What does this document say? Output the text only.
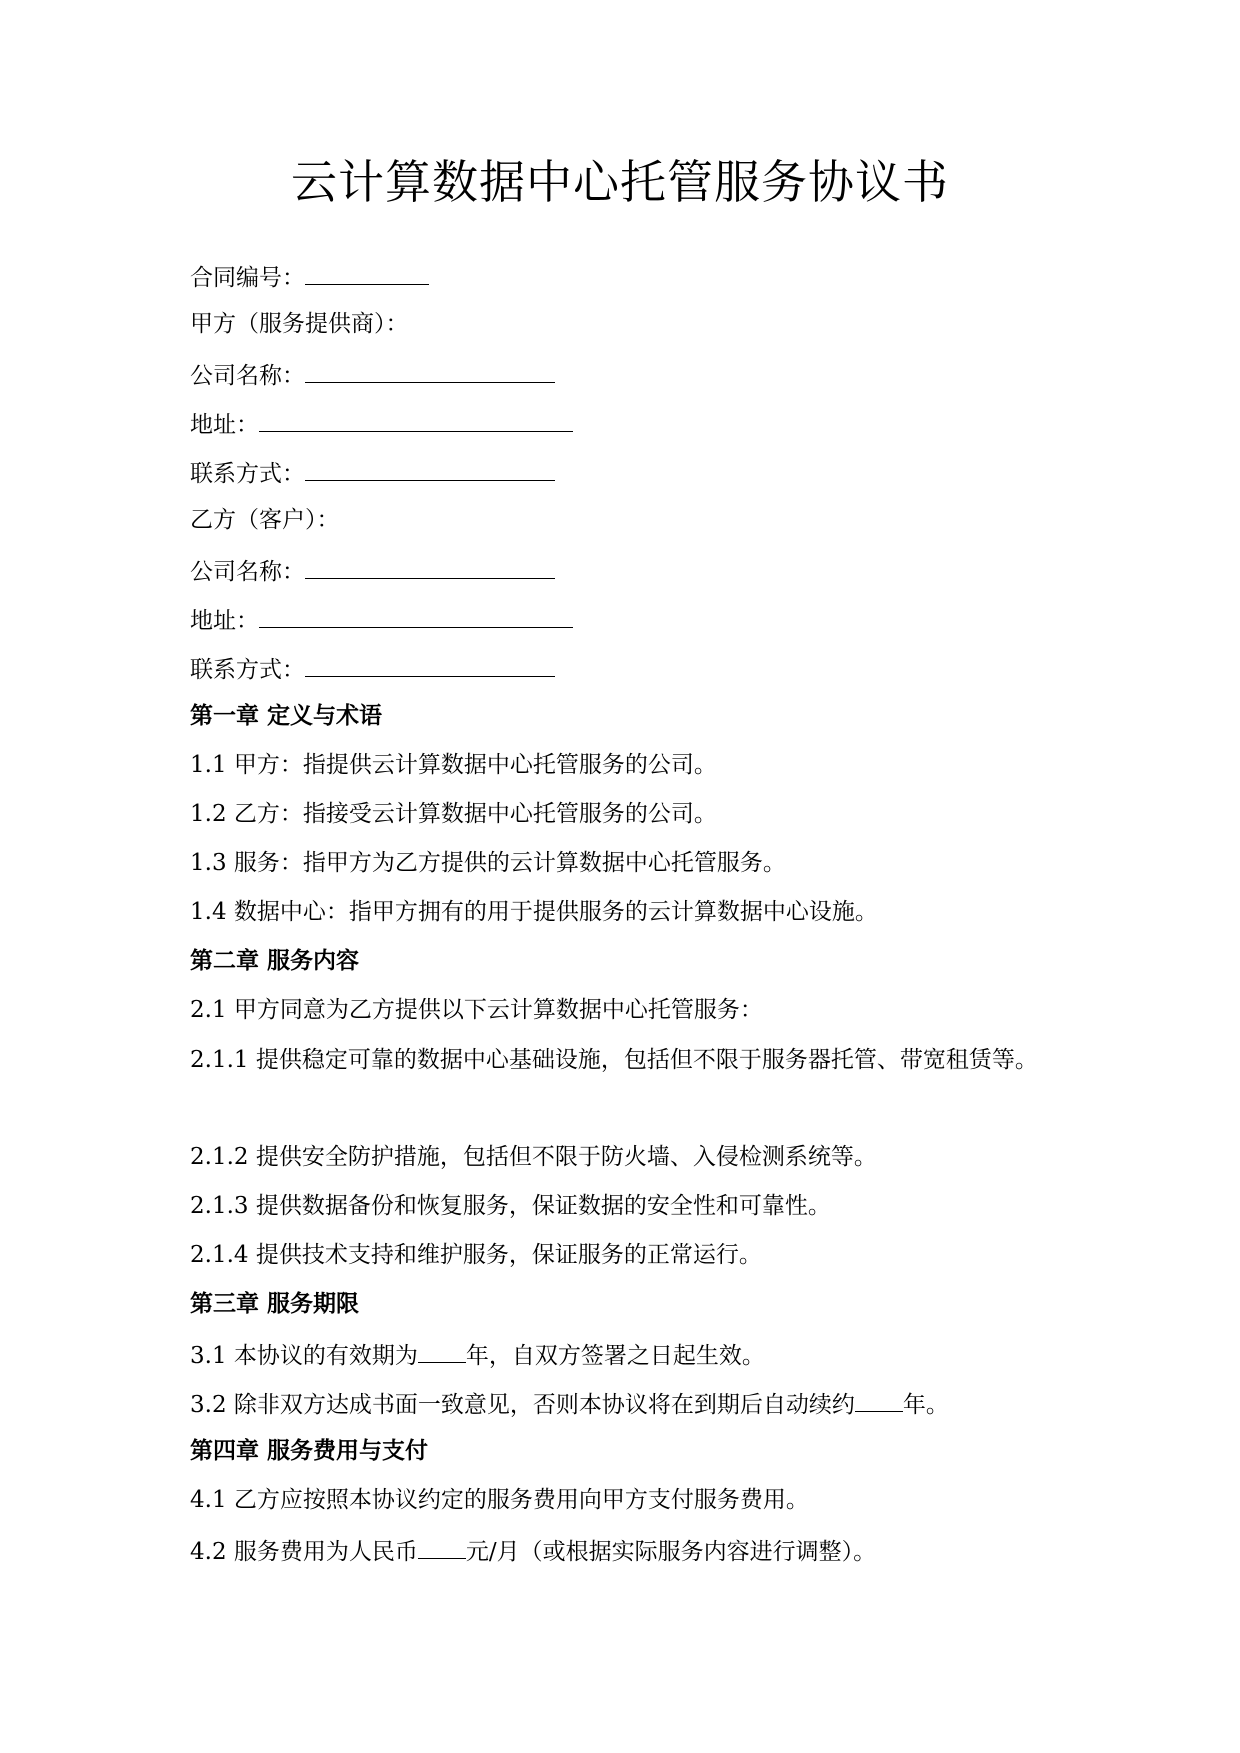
云计算数据中心托管服务协议书
合同编号：
甲方（服务提供商）：
公司名称：
地址：
联系方式：
乙方（客户）：
公司名称：
地址：
联系方式：
第一章 定义与术语
1.1 甲方：指提供云计算数据中心托管服务的公司。
1.2 乙方：指接受云计算数据中心托管服务的公司。
1.3 服务：指甲方为乙方提供的云计算数据中心托管服务。
1.4 数据中心：指甲方拥有的用于提供服务的云计算数据中心设施。
第二章 服务内容
2.1 甲方同意为乙方提供以下云计算数据中心托管服务：
2.1.1 提供稳定可靠的数据中心基础设施，包括但不限于服务器托管、带宽租赁等。
2.1.2 提供安全防护措施，包括但不限于防火墙、入侵检测系统等。
2.1.3 提供数据备份和恢复服务，保证数据的安全性和可靠性。
2.1.4 提供技术支持和维护服务，保证服务的正常运行。
第三章 服务期限
3.1 本协议的有效期为 年，自双方签署之日起生效。
3.2 除非双方达成书面一致意见，否则本协议将在到期后自动续约 年。
第四章 服务费用与支付
4.1 乙方应按照本协议约定的服务费用向甲方支付服务费用。
4.2 服务费用为人民币 元/月（或根据实际服务内容进行调整）。
